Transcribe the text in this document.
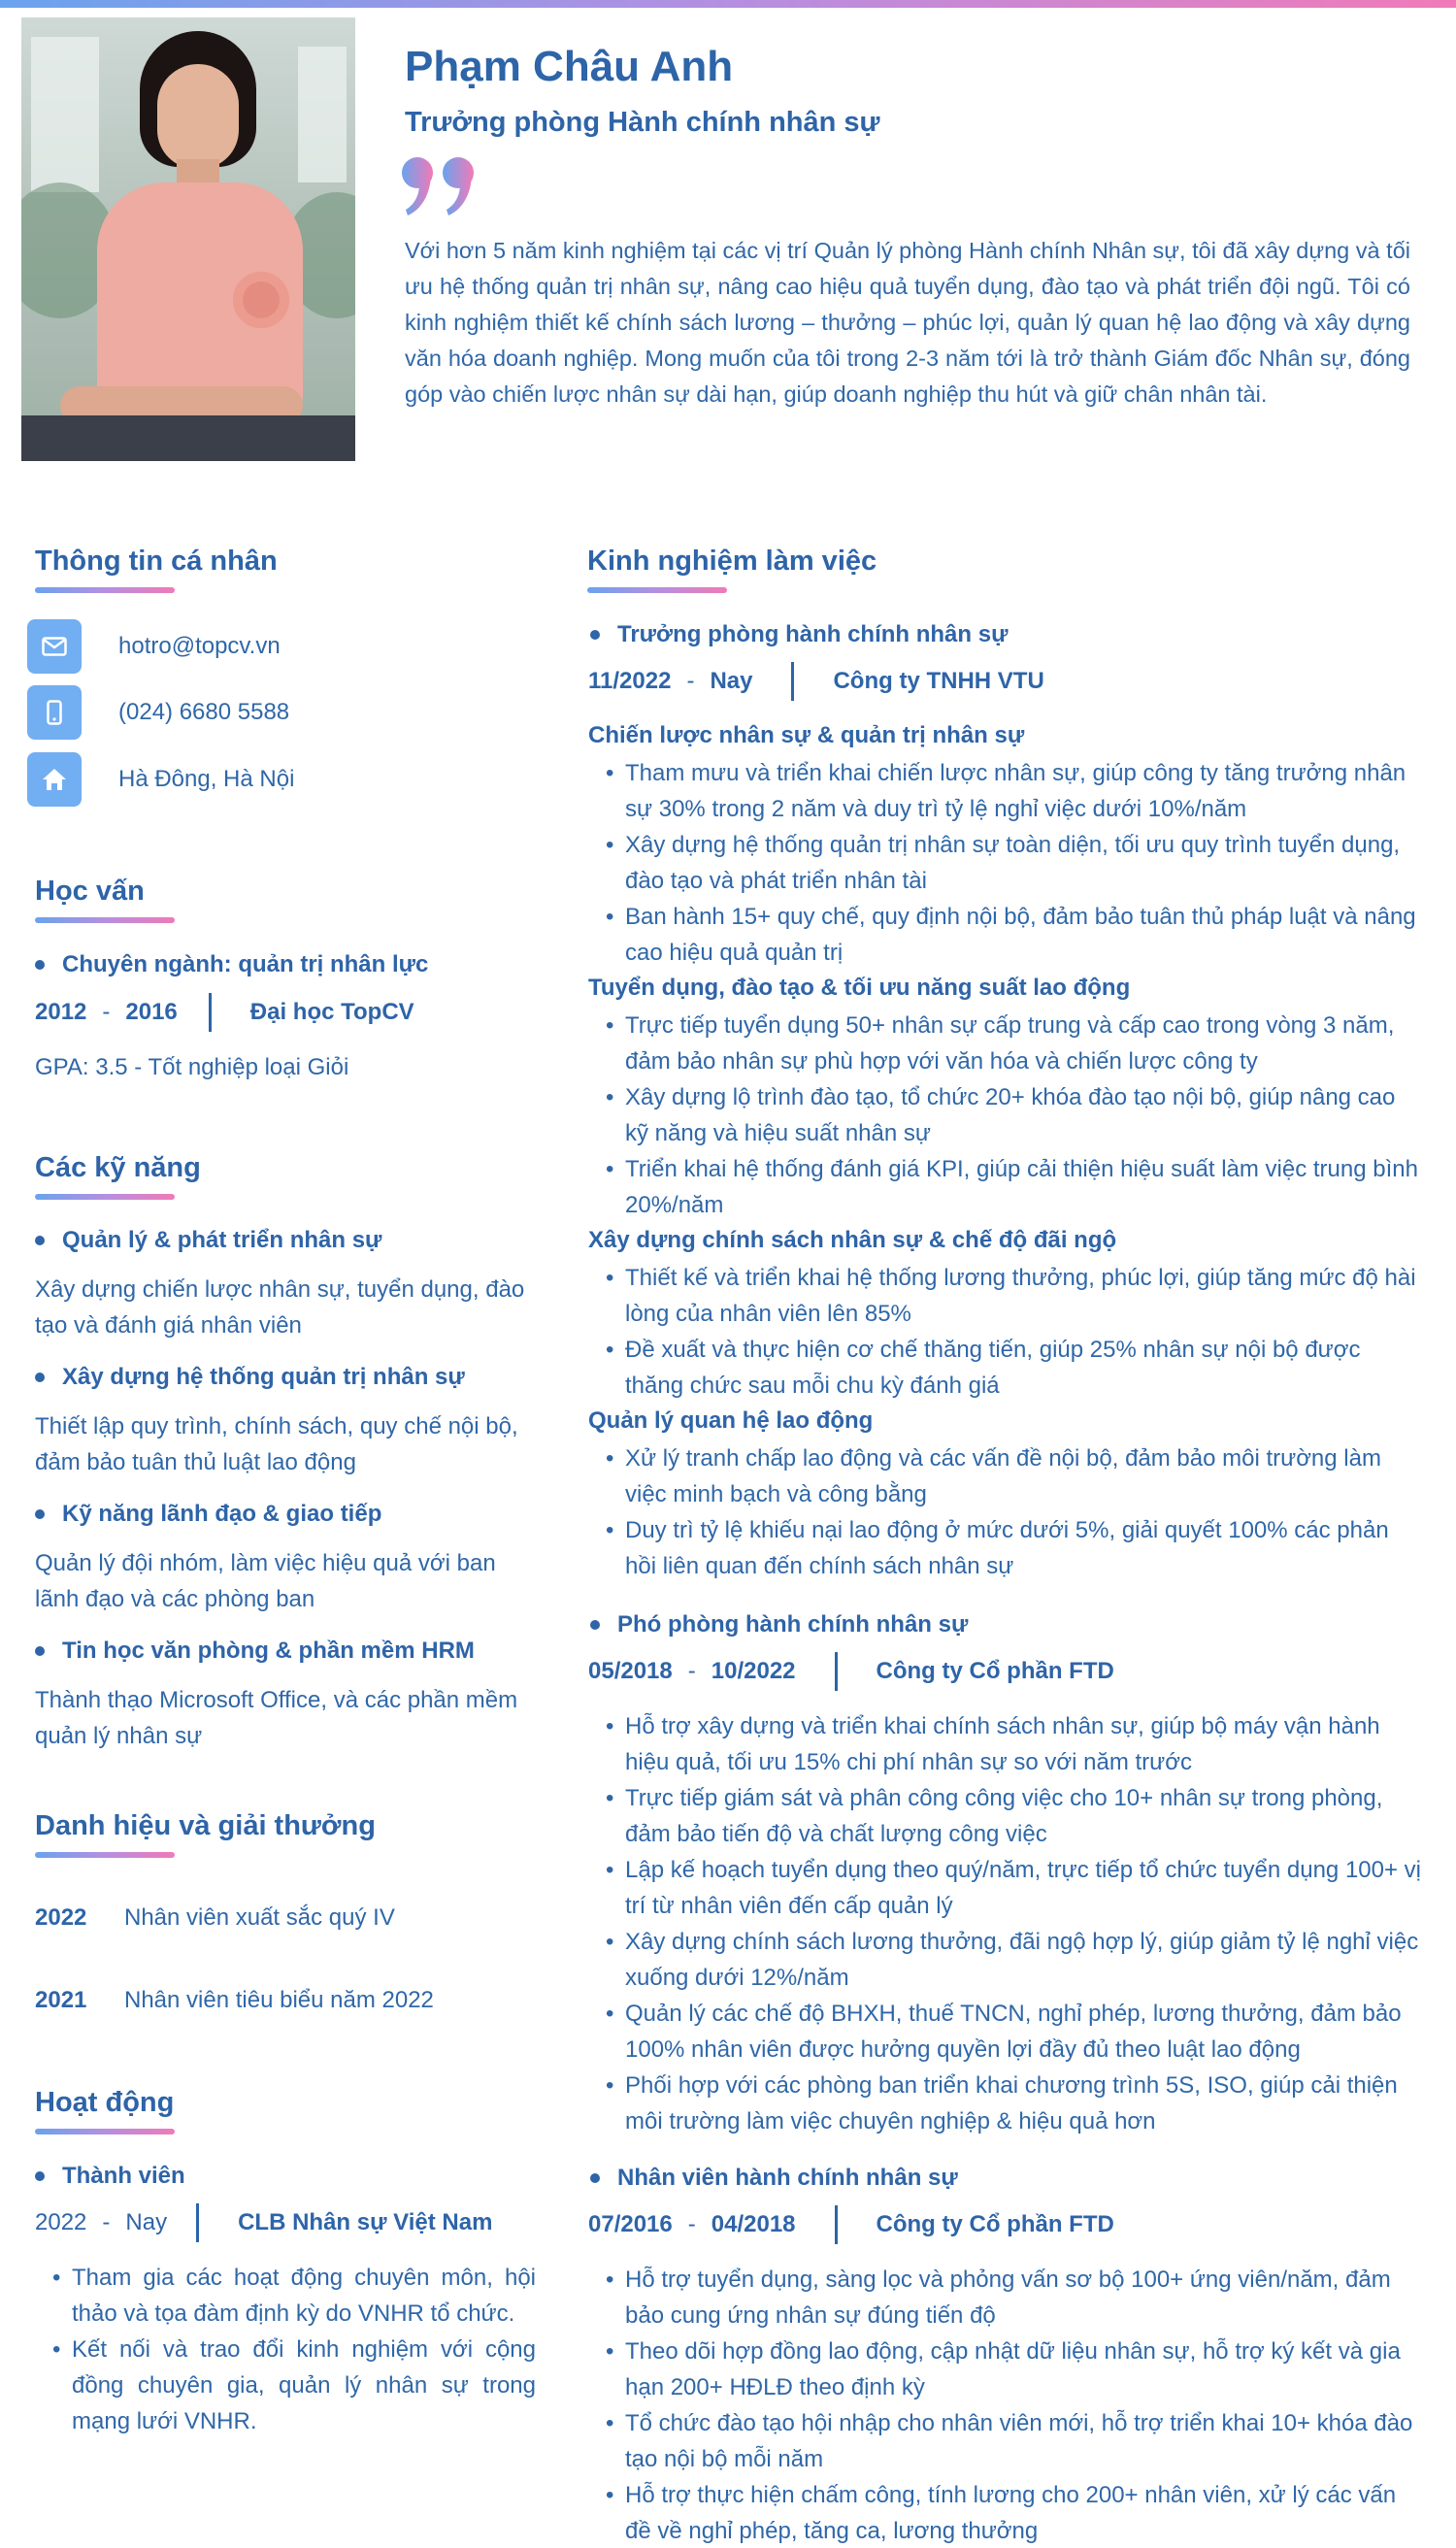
Phạm Châu Anh
Trưởng phòng Hành chính nhân sự
Với hơn 5 năm kinh nghiệm tại các vị trí Quản lý phòng Hành chính Nhân sự, tôi đã xây dựng và tối ưu hệ thống quản trị nhân sự, nâng cao hiệu quả tuyển dụng, đào tạo và phát triển đội ngũ. Tôi có kinh nghiệm thiết kế chính sách lương – thưởng – phúc lợi, quản lý quan hệ lao động và xây dựng văn hóa doanh nghiệp. Mong muốn của tôi trong 2-3 năm tới là trở thành Giám đốc Nhân sự, đóng góp vào chiến lược nhân sự dài hạn, giúp doanh nghiệp thu hút và giữ chân nhân tài.
Thông tin cá nhân
hotro@topcv.vn
(024) 6680 5588
Hà Đông, Hà Nội
Học vấn
Chuyên ngành: quản trị nhân lực
2012 - 2016	Đại học TopCV
GPA: 3.5 - Tốt nghiệp loại Giỏi
Các kỹ năng
Quản lý & phát triển nhân sự
Xây dựng chiến lược nhân sự, tuyển dụng, đào tạo và đánh giá nhân viên
Xây dựng hệ thống quản trị nhân sự
Thiết lập quy trình, chính sách, quy chế nội bộ, đảm bảo tuân thủ luật lao động
Kỹ năng lãnh đạo & giao tiếp
Quản lý đội nhóm, làm việc hiệu quả với ban lãnh đạo và các phòng ban
Tin học văn phòng & phần mềm HRM
Thành thạo Microsoft Office, và các phần mềm quản lý nhân sự
Danh hiệu và giải thưởng
2022	Nhân viên xuất sắc quý IV
2021	Nhân viên tiêu biểu năm 2022
Hoạt động
Thành viên
2022 - Nay	CLB Nhân sự Việt Nam
• Tham gia các hoạt động chuyên môn, hội thảo và tọa đàm định kỳ do VNHR tổ chức.
• Kết nối và trao đổi kinh nghiệm với cộng đồng chuyên gia, quản lý nhân sự trong mạng lưới VNHR.
Kinh nghiệm làm việc
Trưởng phòng hành chính nhân sự
11/2022 - Nay	Công ty TNHH VTU
Chiến lược nhân sự & quản trị nhân sự
• Tham mưu và triển khai chiến lược nhân sự, giúp công ty tăng trưởng nhân sự 30% trong 2 năm và duy trì tỷ lệ nghỉ việc dưới 10%/năm
• Xây dựng hệ thống quản trị nhân sự toàn diện, tối ưu quy trình tuyển dụng, đào tạo và phát triển nhân tài
• Ban hành 15+ quy chế, quy định nội bộ, đảm bảo tuân thủ pháp luật và nâng cao hiệu quả quản trị
Tuyển dụng, đào tạo & tối ưu năng suất lao động
• Trực tiếp tuyển dụng 50+ nhân sự cấp trung và cấp cao trong vòng 3 năm, đảm bảo nhân sự phù hợp với văn hóa và chiến lược công ty
• Xây dựng lộ trình đào tạo, tổ chức 20+ khóa đào tạo nội bộ, giúp nâng cao kỹ năng và hiệu suất nhân sự
• Triển khai hệ thống đánh giá KPI, giúp cải thiện hiệu suất làm việc trung bình 20%/năm
Xây dựng chính sách nhân sự & chế độ đãi ngộ
• Thiết kế và triển khai hệ thống lương thưởng, phúc lợi, giúp tăng mức độ hài lòng của nhân viên lên 85%
• Đề xuất và thực hiện cơ chế thăng tiến, giúp 25% nhân sự nội bộ được thăng chức sau mỗi chu kỳ đánh giá
Quản lý quan hệ lao động
• Xử lý tranh chấp lao động và các vấn đề nội bộ, đảm bảo môi trường làm việc minh bạch và công bằng
• Duy trì tỷ lệ khiếu nại lao động ở mức dưới 5%, giải quyết 100% các phản hồi liên quan đến chính sách nhân sự
Phó phòng hành chính nhân sự
05/2018 - 10/2022	Công ty Cổ phần FTD
• Hỗ trợ xây dựng và triển khai chính sách nhân sự, giúp bộ máy vận hành hiệu quả, tối ưu 15% chi phí nhân sự so với năm trước
• Trực tiếp giám sát và phân công công việc cho 10+ nhân sự trong phòng, đảm bảo tiến độ và chất lượng công việc
• Lập kế hoạch tuyển dụng theo quý/năm, trực tiếp tổ chức tuyển dụng 100+ vị trí từ nhân viên đến cấp quản lý
• Xây dựng chính sách lương thưởng, đãi ngộ hợp lý, giúp giảm tỷ lệ nghỉ việc xuống dưới 12%/năm
• Quản lý các chế độ BHXH, thuế TNCN, nghỉ phép, lương thưởng, đảm bảo 100% nhân viên được hưởng quyền lợi đầy đủ theo luật lao động
• Phối hợp với các phòng ban triển khai chương trình 5S, ISO, giúp cải thiện môi trường làm việc chuyên nghiệp & hiệu quả hơn
Nhân viên hành chính nhân sự
07/2016 - 04/2018	Công ty Cổ phần FTD
• Hỗ trợ tuyển dụng, sàng lọc và phỏng vấn sơ bộ 100+ ứng viên/năm, đảm bảo cung ứng nhân sự đúng tiến độ
• Theo dõi hợp đồng lao động, cập nhật dữ liệu nhân sự, hỗ trợ ký kết và gia hạn 200+ HĐLĐ theo định kỳ
• Tổ chức đào tạo hội nhập cho nhân viên mới, hỗ trợ triển khai 10+ khóa đào tạo nội bộ mỗi năm
• Hỗ trợ thực hiện chấm công, tính lương cho 200+ nhân viên, xử lý các vấn đề về nghỉ phép, tăng ca, lương thưởng
